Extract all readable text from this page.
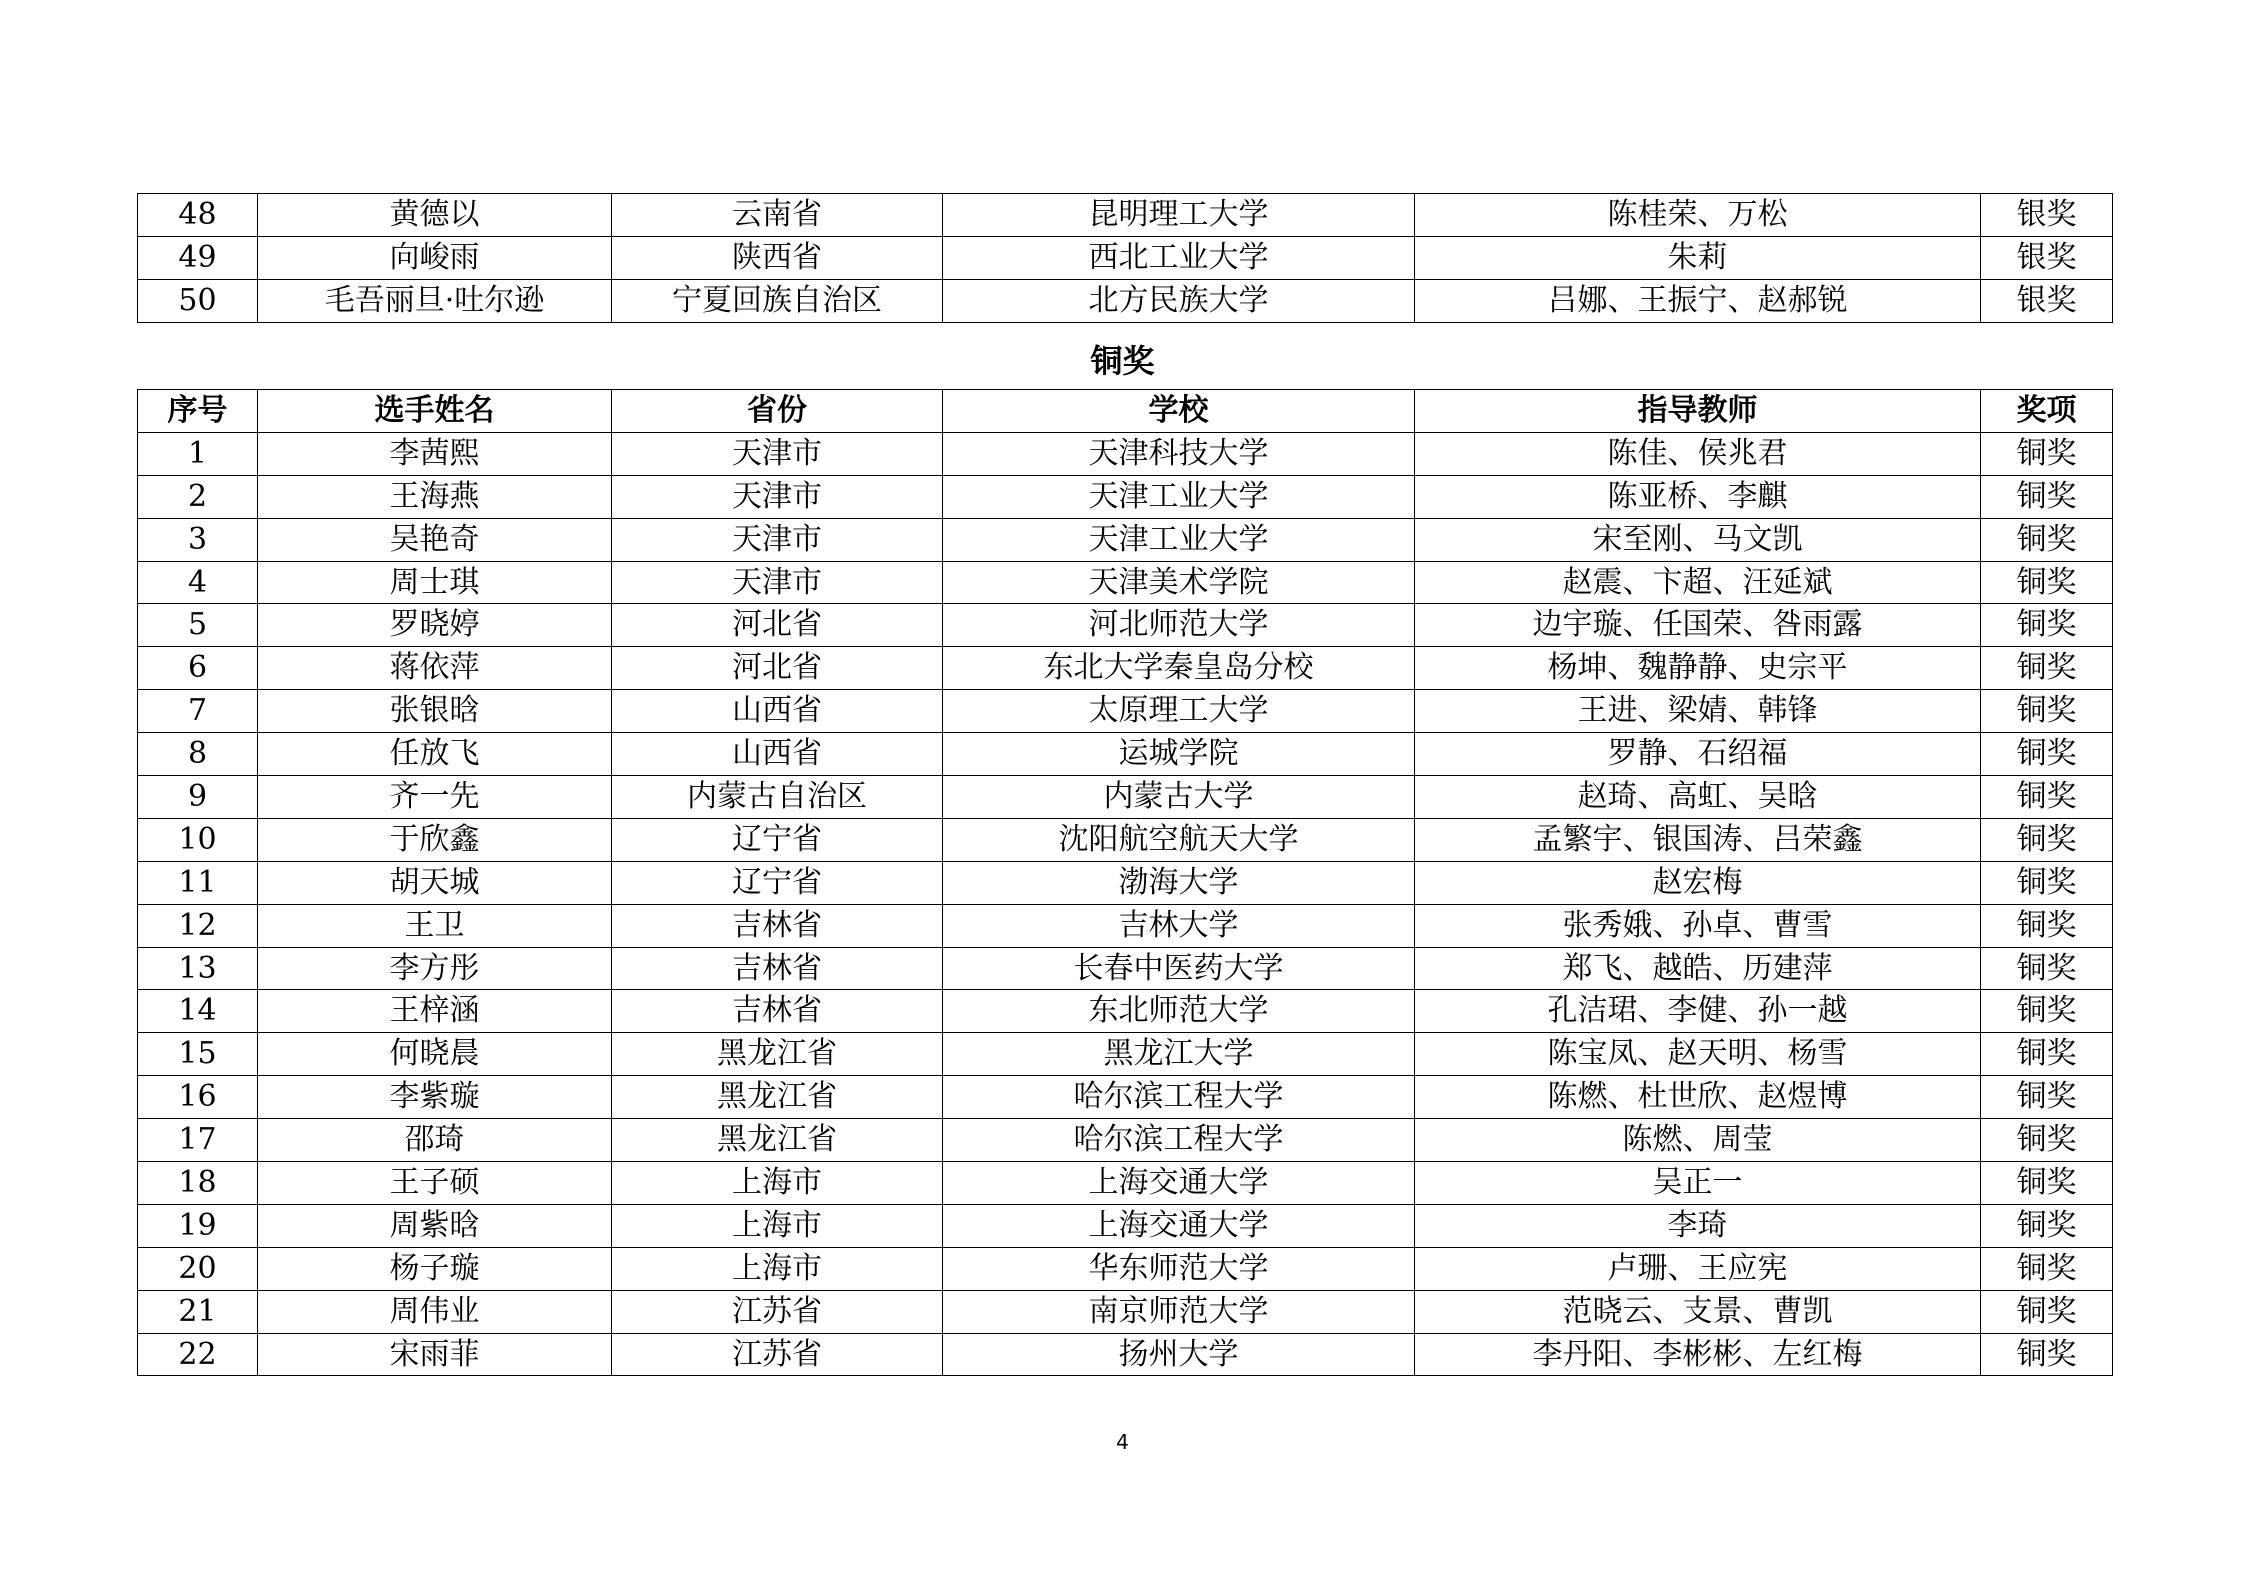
48	黄德以	云南省	昆明理工大学	陈桂荣、万松	银奖
49	向峻雨	陕西省	西北工业大学	朱莉	银奖
50	毛吾丽旦·吐尔逊	宁夏回族自治区	北方民族大学	吕娜、王振宁、赵郝锐	银奖
铜奖
序号	选手姓名	省份	学校	指导教师	奖项
1	李茜熙	天津市	天津科技大学	陈佳、侯兆君	铜奖
2	王海燕	天津市	天津工业大学	陈亚桥、李麒	铜奖
3	吴艳奇	天津市	天津工业大学	宋至刚、马文凯	铜奖
4	周士琪	天津市	天津美术学院	赵震、卞超、汪延斌	铜奖
5	罗晓婷	河北省	河北师范大学	边宇璇、任国荣、咎雨露	铜奖
6	蒋依萍	河北省	东北大学秦皇岛分校	杨坤、魏静静、史宗平	铜奖
7	张银晗	山西省	太原理工大学	王进、梁婧、韩锋	铜奖
8	任放飞	山西省	运城学院	罗静、石绍福	铜奖
9	齐一先	内蒙古自治区	内蒙古大学	赵琦、高虹、吴晗	铜奖
10	于欣鑫	辽宁省	沈阳航空航天大学	孟繁宇、银国涛、吕荣鑫	铜奖
11	胡天城	辽宁省	渤海大学	赵宏梅	铜奖
12	王卫	吉林省	吉林大学	张秀娥、孙卓、曹雪	铜奖
13	李方彤	吉林省	长春中医药大学	郑飞、越皓、历建萍	铜奖
14	王梓涵	吉林省	东北师范大学	孔洁珺、李健、孙一越	铜奖
15	何晓晨	黑龙江省	黑龙江大学	陈宝凤、赵天明、杨雪	铜奖
16	李紫璇	黑龙江省	哈尔滨工程大学	陈燃、杜世欣、赵煜博	铜奖
17	邵琦	黑龙江省	哈尔滨工程大学	陈燃、周莹	铜奖
18	王子硕	上海市	上海交通大学	吴正一	铜奖
19	周紫晗	上海市	上海交通大学	李琦	铜奖
20	杨子璇	上海市	华东师范大学	卢珊、王应宪	铜奖
21	周伟业	江苏省	南京师范大学	范晓云、支景、曹凯	铜奖
22	宋雨菲	江苏省	扬州大学	李丹阳、李彬彬、左红梅	铜奖
4
